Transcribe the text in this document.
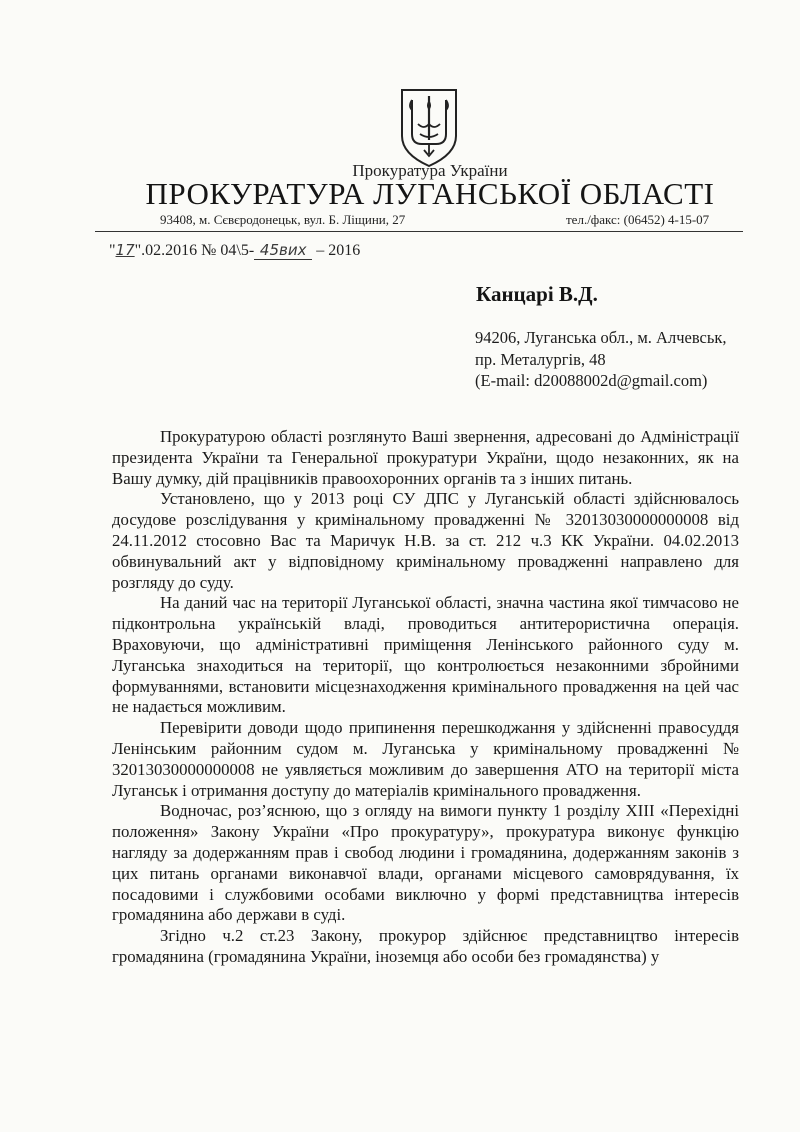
Прокуратура України
ПРОКУРАТУРА ЛУГАНСЬКОЇ ОБЛАСТІ
93408, м. Сєвєродонецьк, вул. Б. Ліщини, 27	тел./факс: (06452) 4-15-07
"17".02.2016 № 04\5- 45вих – 2016
Канцарі В.Д.
94206, Луганська обл., м. Алчевськ,
пр. Металургів, 48
(E-mail: d20088002d@gmail.com)

Прокуратурою області розглянуто Ваші звернення, адресовані до Адміністрації президента України та Генеральної прокуратури України, щодо незаконних, як на Вашу думку, дій працівників правоохоронних органів та з інших питань.

Установлено, що у 2013 році СУ ДПС у Луганській області здійснювалось досудове розслідування у кримінальному провадженні № 32013030000000008 від 24.11.2012 стосовно Вас та Маричук Н.В. за ст. 212 ч.3 КК України. 04.02.2013 обвинувальний акт у відповідному кримінальному провадженні направлено для розгляду до суду.

На даний час на території Луганської області, значна частина якої тимчасово не підконтрольна українській владі, проводиться антитерористична операція. Враховуючи, що адміністративні приміщення Ленінського районного суду м. Луганська знаходиться на території, що контролюється незаконними збройними формуваннями, встановити місцезнаходження кримінального провадження на цей час не надається можливим.

Перевірити доводи щодо припинення перешкоджання у здійсненні правосуддя Ленінським районним судом м. Луганська у кримінальному провадженні № 32013030000000008 не уявляється можливим до завершення АТО на території міста Луганськ і отримання доступу до матеріалів кримінального провадження.

Водночас, роз’яснюю, що з огляду на вимоги пункту 1 розділу XIII «Перехідні положення» Закону України «Про прокуратуру», прокуратура виконує функцію нагляду за додержанням прав і свобод людини і громадянина, додержанням законів з цих питань органами виконавчої влади, органами місцевого самоврядування, їх посадовими і службовими особами виключно у формі представництва інтересів громадянина або держави в суді.

Згідно ч.2 ст.23 Закону, прокурор здійснює представництво інтересів громадянина (громадянина України, іноземця або особи без громадянства) у
